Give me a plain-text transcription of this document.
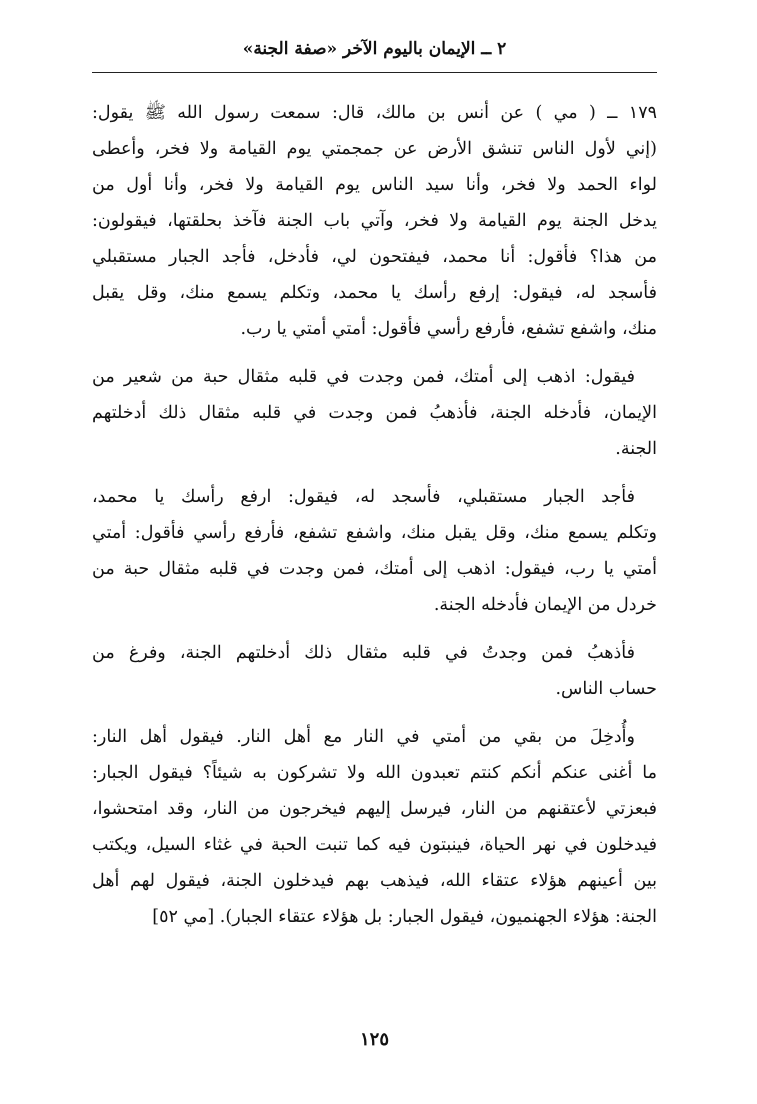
٢ ــ الإيمان باليوم الآخر «صفة الجنة»

١٧٩ ــ ( مي ) عن أنس بن مالك، قال: سمعت رسول الله ﷺ يقول:
(إني لأول الناس تنشق الأرض عن جمجمتي يوم القيامة ولا فخر، وأعطى
لواء الحمد ولا فخر، وأنا سيد الناس يوم القيامة ولا فخر، وأنا أول من
يدخل الجنة يوم القيامة ولا فخر، وآتي باب الجنة فآخذ بحلقتها، فيقولون:
من هذا؟ فأقول: أنا محمد، فيفتحون لي، فأدخل، فأجد الجبار مستقبلي
فأسجد له، فيقول: إرفع رأسك يا محمد، وتكلم يسمع منك، وقل يقبل
منك، واشفع تشفع، فأرفع رأسي فأقول: أمتي أمتي يا رب.

فيقول: اذهب إلى أمتك، فمن وجدت في قلبه مثقال حبة من شعير من
الإيمان، فأدخله الجنة، فأذهبُ فمن وجدت في قلبه مثقال ذلك أدخلتهم
الجنة.

فأجد الجبار مستقبلي، فأسجد له، فيقول: ارفع رأسك يا محمد،
وتكلم يسمع منك، وقل يقبل منك، واشفع تشفع، فأرفع رأسي فأقول: أمتي
أمتي يا رب، فيقول: اذهب إلى أمتك، فمن وجدت في قلبه مثقال حبة من
خردل من الإيمان فأدخله الجنة.

فأذهبُ فمن وجدتُ في قلبه مثقال ذلك أدخلتهم الجنة، وفرغ من
حساب الناس.

وأُدخِلَ من بقي من أمتي في النار مع أهل النار. فيقول أهل النار:
ما أغنى عنكم أنكم كنتم تعبدون الله ولا تشركون به شيئاً؟ فيقول الجبار:
فبعزتي لأعتقنهم من النار، فيرسل إليهم فيخرجون من النار، وقد امتحشوا،
فيدخلون في نهر الحياة، فينبتون فيه كما تنبت الحبة في غثاء السيل، ويكتب
بين أعينهم هؤلاء عتقاء الله، فيذهب بهم فيدخلون الجنة، فيقول لهم أهل
الجنة: هؤلاء الجهنميون، فيقول الجبار: بل هؤلاء عتقاء الجبار). [مي ٥٢]

١٢٥
